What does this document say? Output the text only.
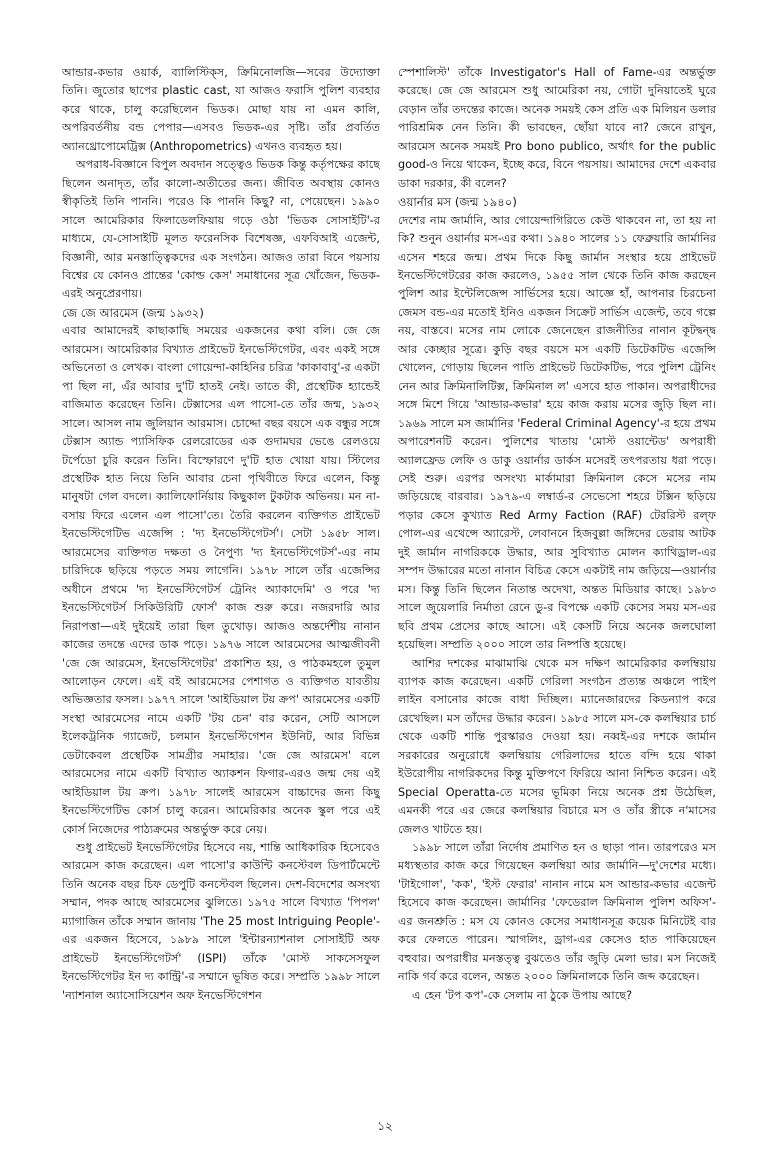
আন্ডার-কভার ওয়ার্ক, ব্যালিস্টিক্‌স, ক্রিমিনোলজি—সবের উদ্যোক্তা তিনি। জুতোর ছাপের plastic cast, যা আজও ফরাসি পুলিশ ব্যবহার করে থাকে, চালু করেছিলেন ভিডক। মোছা যায় না এমন কালি, অপরিবর্তনীয় বন্ড পেপার—এসবও ভিডক-এর সৃষ্টি। তাঁর প্রবর্তিত অ্যানথ্রোপোমেট্রিক্স (Anthropometrics) এখনও ব্যবহৃত হয়।

অপরাধ-বিজ্ঞানে বিপুল অবদান সত্ত্বেও ভিডক কিন্তু কর্তৃপক্ষের কাছে ছিলেন অনাদৃত, তাঁর কালো-অতীতের জন্য। জীবিত অবস্থায় কোনও স্বীকৃতিই তিনি পাননি। পরেও কি পাননি কিছু? না, পেয়েছেন। ১৯৯০ সালে আমেরিকার ফিলাডেলফিয়ায় গড়ে ওঠা 'ভিডক সোসাইটি'-র মাধ্যমে, যে-সোসাইটি মূলত ফরেনসিক বিশেষজ্ঞ, এফবিআই এজেন্ট, বিজ্ঞানী, আর মনস্তাত্ত্বিকদের এক সংগঠন। আজও তারা বিনে পয়সায় বিশ্বের যে কোনও প্রান্তের 'কোল্ড কেস' সমাধানের সূত্র খোঁজেন, ভিডক-এরই অনুপ্রেরণায়।

জে জে আরমেস (জন্ম ১৯৩২)

এবার আমাদেরই কাছাকাছি সময়ের একজনের কথা বলি। জে জে আরমেস। আমেরিকার বিখ্যাত প্রাইভেট ইনভেস্টিগেটর, এবং একই সঙ্গে অভিনেতা ও লেখক। বাংলা গোয়েন্দা-কাহিনির চরিত্র 'কাকাবাবু'-র একটা পা ছিল না, এঁর আবার দু'টি হাতই নেই। তাতে কী, প্রস্থেটিক হ্যান্ডেই বাজিমাত করেছেন তিনি। টেক্সাসের এল পাসো-তে তাঁর জন্ম, ১৯৩২ সালে। আসল নাম জুলিয়ান আরমাস। চোদ্দো বছর বয়সে এক বন্ধুর সঙ্গে টেক্সাস অ্যান্ড প্যাসিফিক রেলরোডের এক গুদামঘর ভেঙে রেলওয়ে টর্পেডো চুরি করেন তিনি। বিস্ফোরণে দু'টি হাত খোয়া যায়। স্টিলের প্রস্থেটিক হাত নিয়ে তিনি আবার চেনা পৃথিবীতে ফিরে এলেন, কিন্তু মানুষটা গেল বদলে। ক্যালিফোর্নিয়ায় কিছুকাল টুকটাক অভিনয়। মন না-বসায় ফিরে এলেন এল পাসো'তে। তৈরি করলেন ব্যক্তিগত প্রাইভেট ইনভেস্টিগেটিভ এজেন্সি : 'দ্য ইনভেস্টিগেটর্স'। সেটা ১৯৫৮ সাল। আরমেসের ব্যক্তিগত দক্ষতা ও নৈপুণ্য 'দ্য ইনভেস্টিগেটর্স'-এর নাম চারিদিকে ছড়িয়ে পড়তে সময় লাগেনি। ১৯৭৮ সালে তাঁর এজেন্সির অধীনে প্রথমে 'দ্য ইনভেস্টিগেটর্স ট্রেনিং অ্যাকাদেমি' ও পরে 'দ্য ইনভেস্টিগেটর্স সিকিউরিটি ফোর্স' কাজ শুরু করে। নজরদারি আর নিরাপত্তা—এই দুইয়েই তারা ছিল তুখোড়। আজও অন্তর্দেশীয় নানান কাজের তদন্তে এদের ডাক পড়ে। ১৯৭৬ সালে আরমেসের আত্মজীবনী 'জে জে আরমেস, ইনভেস্টিগেটর' প্রকাশিত হয়, ও পাঠকমহলে তুমুল আলোড়ন ফেলে। এই বই আরমেসের পেশাগত ও ব্যক্তিগত যাবতীয় অভিজ্ঞতার ফসল। ১৯৭৭ সালে 'আইডিয়াল টয় ক্রপ' আরমেসের একটি সংস্থা আরমেসের নামে একটি 'টয় চেন' বার করেন, সেটি আসলে ইলেকট্রনিক গ্যাজেট, চলমান ইনভেস্টিগেশন ইউনিট, আর বিভিন্ন ডেটাকেবল প্রস্থেটিক সামগ্রীর সমাহার। 'জে জে আরমেস' বলে আরমেসের নামে একটি বিখ্যাত অ্যাকশন ফিগার-এরও জন্ম দেয় এই আইডিয়াল টয় ক্রপ। ১৯৭৮ সালেই আরমেস বাচ্চাদের জন্য কিছু ইনভেস্টিগেটিভ কোর্স চালু করেন। আমেরিকার অনেক স্কুল পরে এই কোর্স নিজেদের পাঠ্যক্রমের অন্তর্ভুক্ত করে নেয়।

শুধু প্রাইভেট ইনভেস্টিগেটর হিসেবে নয়, শান্তি আধিকারিক হিসেবেও আরমেস কাজ করেছেন। এল পাসো'র কাউন্টি কনস্টেবল ডিপার্টমেন্টে তিনি অনেক বছর চিফ ডেপুটি কনস্টেবল ছিলেন। দেশ-বিদেশের অসংখ্য সম্মান, পদক আছে আরমেসের ঝুলিতে। ১৯৭৫ সালে বিখ্যাত 'পিপল' ম্যাগাজিন তাঁকে সম্মান জানায় 'The 25 most Intriguing People'-এর একজন হিসেবে, ১৯৮৯ সালে 'ইন্টারন্যাশনাল সোসাইটি অফ প্রাইভেট ইনভেস্টিগেটর্স' (ISPI) তাঁকে 'মোস্ট সাকসেসফুল ইনভেস্টিগেটর ইন দ্য কান্ট্রি'-র সম্মানে ভূষিত করে। সম্প্রতি ১৯৯৮ সালে 'ন্যাশনাল অ্যাসোসিয়েশন অফ ইনভেস্টিগেশন

স্পেশালিস্ট' তাঁকে Investigator's Hall of Fame-এর অন্তর্ভুক্ত করেছে। জে জে আরমেস শুধু আমেরিকা নয়, গোটা দুনিয়াতেই ঘুরে বেড়ান তাঁর তদন্তের কাজে। অনেক সময়ই কেস প্রতি এক মিলিয়ন ডলার পারিশ্রমিক নেন তিনি। কী ভাবছেন, ছোঁয়া যাবে না? জেনে রাখুন, আরমেস অনেক সময়ই Pro bono publico, অর্থাৎ for the public good-ও নিয়ে থাকেন, ইচ্ছে করে, বিনে পয়সায়। আমাদের দেশে একবার ডাকা দরকার, কী বলেন?

ওয়ার্নার মস (জন্ম ১৯৪০)

দেশের নাম জার্মানি, আর গোয়েন্দাগিরিতে কেউ থাকবেন না, তা হয় না কি? শুনুন ওয়ার্নার মস-এর কথা। ১৯৪০ সালের ১১ ফেব্রুয়ারি জার্মানির এসেন শহরে জন্ম। প্রথম দিকে কিছু জার্মান সংস্থার হয়ে প্রাইভেট ইনভেস্টিগেটরের কাজ করলেও, ১৯৫৫ সাল থেকে তিনি কাজ করছেন পুলিশ আর ইন্টেলিজেন্স সার্ভিসের হয়ে। আজ্ঞে হাঁ, আপনার চিরচেনা জেমস বন্ড-এর মতোই ইনিও একজন সিক্রেট সার্ভিস এজেন্ট, তবে গল্পে নয়, বাস্তবে। মসের নাম লোকে জেনেছেন রাজনীতির নানান কূটদ্বন্দ্ব আর কেচ্ছার সূত্রে। কুড়ি বছর বয়সে মস একটি ডিটেকটিভ এজেন্সি খোলেন, গোড়ায় ছিলেন পাতি প্রাইভেট ডিটেকটিভ, পরে পুলিশ ট্রেনিং নেন আর ক্রিমিনালিটিক্স, ক্রিমিনাল ল' এসবে হাত পাকান। অপরাধীদের সঙ্গে মিশে গিয়ে 'আন্ডার-কভার' হয়ে কাজ করায় মসের জুড়ি ছিল না। ১৯৬৯ সালে মস জার্মানির 'Federal Criminal Agency'-র হয়ে প্রথম অপারেশনটি করেন। পুলিশের খাতায় 'মোস্ট ওয়ান্টেড' অপরাধী অ্যালফ্রেড লেফি ও ডাকু ওয়ার্নার ডার্কস মসেরই তৎপরতায় ধরা পড়ে। সেই শুরু। এরপর অসংখ্য মার্কামারা ক্রিমিনাল কেসে মসের নাম জড়িয়েছে বারবার। ১৯৭৯-এ লম্বার্ড-র সেভেসো শহরে টক্সিন ছড়িয়ে পড়ার কেসে কুখ্যাত Red Army Faction (RAF) টেররিস্ট রল্‌ফ পোল-এর এথেন্সে অ্যারেস্ট, লেবাননে হিজবুল্লা জঙ্গিদের ডেরায় আটক দুই জার্মান নাগরিককে উদ্ধার, আর সুবিখ্যাত মোলন ক্যাথিড্রাল-এর সম্পদ উদ্ধারের মতো নানান বিচিত্র কেসে একটাই নাম জড়িয়ে—ওয়ার্নার মস। কিন্তু তিনি ছিলেন নিতান্ত অদেখা, অন্তত মিডিয়ার কাছে। ১৯৮৩ সালে জুয়েলারি নির্মাতা রেনে ডু-র বিপক্ষে একটি কেসের সময় মস-এর ছবি প্রথম প্রেসের কাছে আসে। এই কেসটি নিয়ে অনেক জলঘোলা হয়েছিল। সম্প্রতি ২০০০ সালে তার নিষ্পত্তি হয়েছে।

আশির দশকের মাঝামাঝি থেকে মস দক্ষিণ আমেরিকার কলম্বিয়ায় ব্যাপক কাজ করেছেন। একটি গেরিলা সংগঠন প্রত্যন্ত অঞ্চলে পাইপ লাইন বসানোর কাজে বাধা দিচ্ছিল। ম্যানেজারদের কিডন্যাপ করে রেখেছিল। মস তাঁদের উদ্ধার করেন। ১৯৮৫ সালে মস-কে কলম্বিয়ার চার্চ থেকে একটি শান্তি পুরস্কারও দেওয়া হয়। নব্বই-এর দশকে জার্মান সরকারের অনুরোধে কলম্বিয়ায় গেরিলাদের হাতে বন্দি হয়ে থাকা ইউরোপীয় নাগরিকদের কিন্তু মুক্তিপণে ফিরিয়ে আনা নিশ্চিত করেন। এই Special Operatta-তে মসের ভূমিকা নিয়ে অনেক প্রশ্ন উঠেছিল, এমনকী পরে এর জেরে কলম্বিয়ার বিচারে মস ও তাঁর স্ত্রীকে ন'মাসের জেলও খাটতে হয়।

১৯৯৮ সালে তাঁরা নির্দোষ প্রমাণিত হন ও ছাড়া পান। তারপরেও মস মধ্যস্থতার কাজ করে গিয়েছেন কলম্বিয়া আর জার্মানি—দু'দেশের মধ্যে। 'টাইগোল', 'কক', 'ইস্ট ফেরার' নানান নামে মস আন্ডার-কভার এজেন্ট হিসেবে কাজ করেছেন। জার্মানির 'ফেডেরাল ক্রিমিনাল পুলিশ অফিস'-এর জনশ্রুতি : মস যে কোনও কেসের সমাধানসূত্র কয়েক মিনিটেই বার করে ফেলতে পারেন। স্মাগলিং, ড্রাগ-এর কেসেও হাত পাকিয়েছেন বহুবার। অপরাধীর মনস্তত্ত্ব বুঝতেও তাঁর জুড়ি মেলা ভার। মস নিজেই নাকি গর্ব করে বলেন, অন্তত ২০০০ ক্রিমিনালকে তিনি জব্দ করেছেন।

এ হেন 'টপ কপ'-কে সেলাম না ঠুকে উপায় আছে?

১২
